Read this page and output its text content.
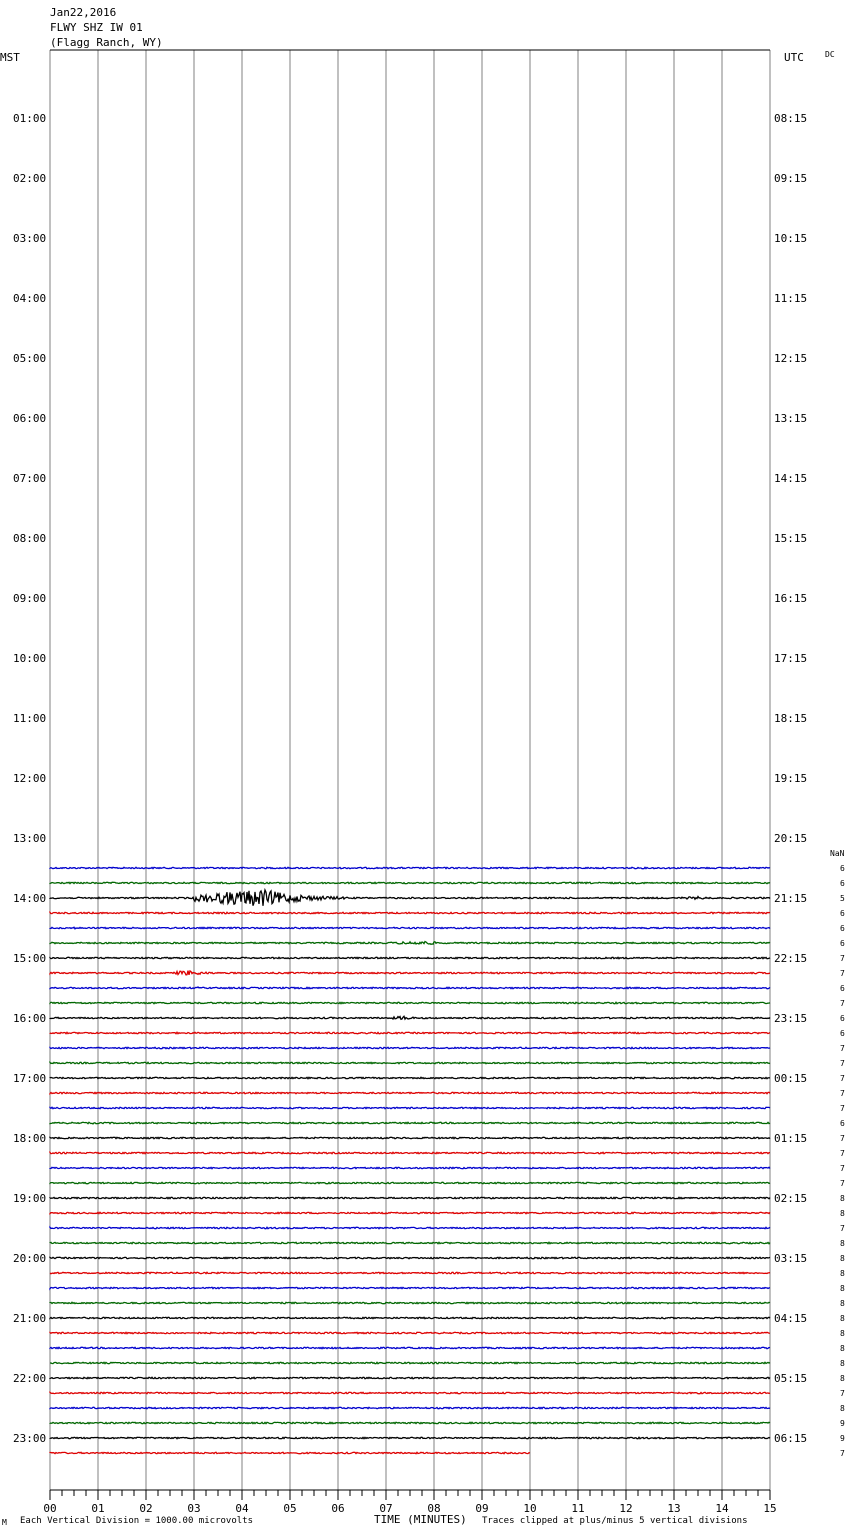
Jan22,2016
FLWY SHZ IW 01
(Flagg Ranch, WY)
MST	UTC	DC
NaN
01:00	08:15
02:00	09:15
03:00	10:15
04:00	11:15
05:00	12:15
06:00	13:15
07:00	14:15
08:00	15:15
09:00	16:15
10:00	17:15
11:00	18:15
12:00	19:15
13:00	20:15
14:00	21:15
15:00	22:15
16:00	23:15
17:00	00:15
18:00	01:15
19:00	02:15
20:00	03:15
21:00	04:15
22:00	05:15
23:00	06:15
6
6
5
6
6
6
7
7
6
7
6
6
7
7
7
7
7
6
7
7
7
7
8
8
7
8
8
8
8
8
8
8
8
8
8
7
8
9
9
7
00	01	02	03	04	05	06	07	08	09	10	11	12	13	14	15
M Each Vertical Division = 1000.00 microvolts	TIME (MINUTES) Traces clipped at plus/minus 5 vertical divisions
